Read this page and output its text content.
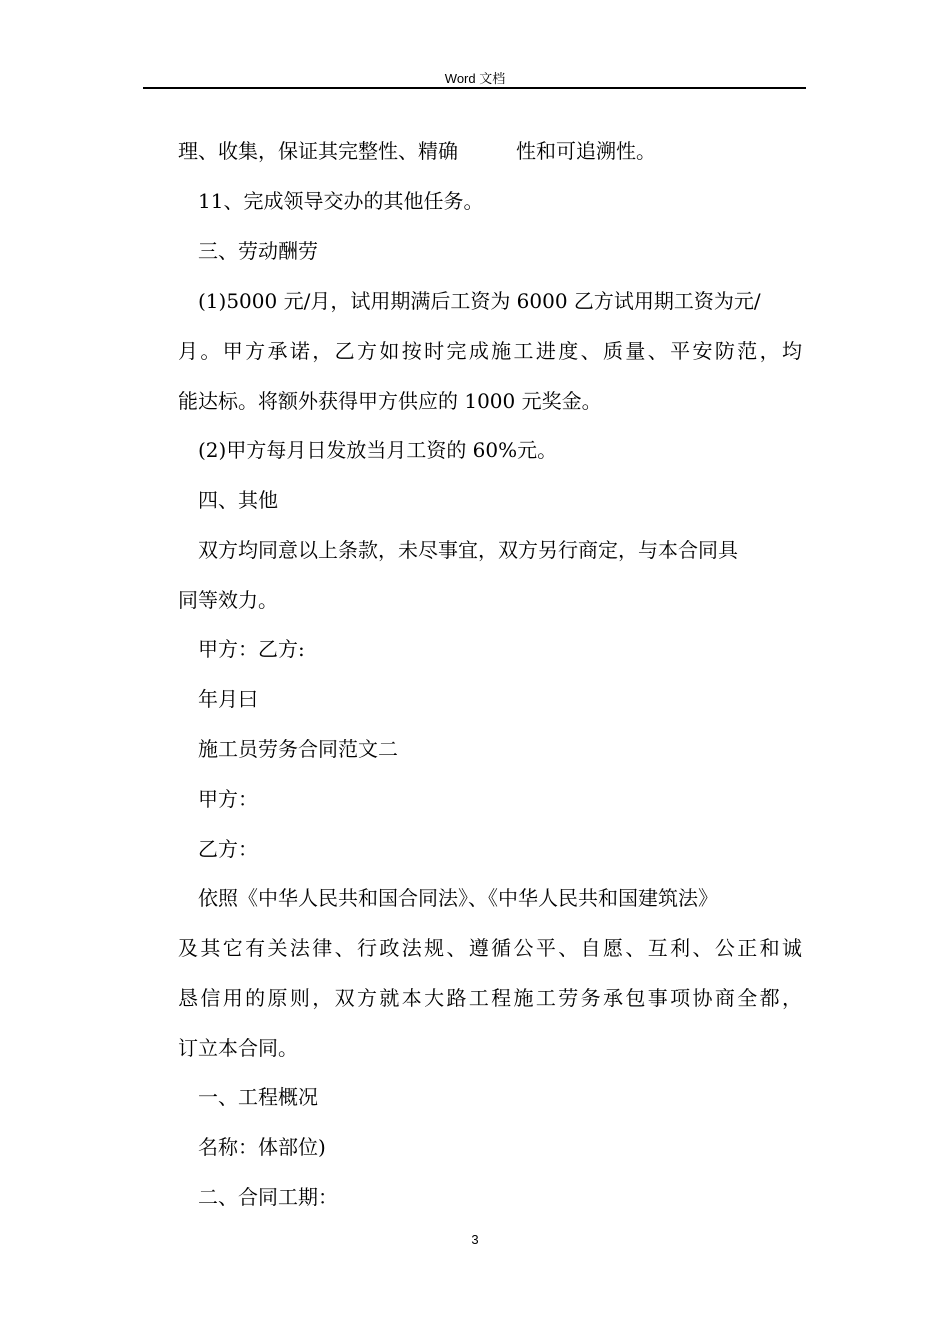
Word 文档
理、收集，保证其完整性、精确	性和可追溯性。
11、完成领导交办的其他任务。
三、劳动酬劳
(1)5000 元/月，试用期满后工资为 6000 乙方试用期工资为元/
月。甲方承诺，乙方如按时完成施工进度、质量、平安防范，均
能达标。将额外获得甲方供应的 1000 元奖金。
(2)甲方每月日发放当月工资的 60%元。
四、其他
双方均同意以上条款，未尽事宜，双方另行商定，与本合同具
同等效力。
甲方：乙方:
年月曰
施工员劳务合同范文二
甲方：
乙方：
依照《中华人民共和国合同法》、《中华人民共和国建筑法》
及其它有关法律、行政法规、遵循公平、自愿、互利、公正和诚
恳信用的原则，双方就本大路工程施工劳务承包事项协商全都，
订立本合同。
一、工程概况
名称：体部位)
二、合同工期：
3
